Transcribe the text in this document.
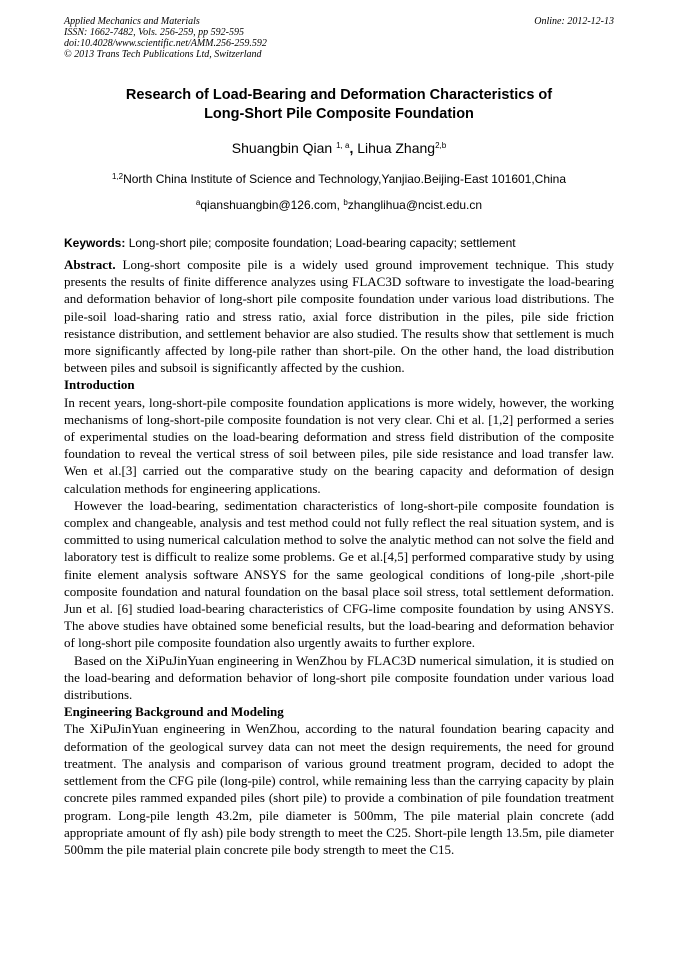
Applied Mechanics and Materials
ISSN: 1662-7482, Vols. 256-259, pp 592-595
doi:10.4028/www.scientific.net/AMM.256-259.592
© 2013 Trans Tech Publications Ltd, Switzerland
Online: 2012-12-13
Research of Load-Bearing and Deformation Characteristics of
Long-Short Pile Composite Foundation
Shuangbin Qian $^{1, a}$, Lihua Zhang$^{2,b}$
$^{1,2}$North China Institute of Science and Technology,Yanjiao.Beijing-East 101601,China
$^a$qianshuangbin@126.com, $^b$zhanglihua@ncist.edu.cn
Keywords: Long-short pile; composite foundation; Load-bearing capacity; settlement

Abstract. Long-short composite pile is a widely used ground improvement technique. This study presents the results of finite difference analyzes using FLAC3D software to investigate the load-bearing and deformation behavior of long-short pile composite foundation under various load distributions. The pile-soil load-sharing ratio and stress ratio, axial force distribution in the piles, pile side friction resistance distribution, and settlement behavior are also studied. The results show that settlement is much more significantly affected by long-pile rather than short-pile. On the other hand, the load distribution between piles and subsoil is significantly affected by the cushion.

Introduction

In recent years, long-short-pile composite foundation applications is more widely, however, the working mechanisms of long-short-pile composite foundation is not very clear. Chi et al. [1,2] performed a series of experimental studies on the load-bearing deformation and stress field distribution of the composite foundation to reveal the vertical stress of soil between piles, pile side resistance and load transfer law. Wen et al.[3] carried out the comparative study on the bearing capacity and deformation of design calculation methods for engineering applications.

However the load-bearing, sedimentation characteristics of long-short-pile composite foundation is complex and changeable, analysis and test method could not fully reflect the real situation system, and is committed to using numerical calculation method to solve the analytic method can not solve the field and laboratory test is difficult to realize some problems. Ge et al.[4,5] performed comparative study by using finite element analysis software ANSYS for the same geological conditions of long-pile ,short-pile composite foundation and natural foundation on the basal place soil stress, total settlement deformation. Jun et al. [6] studied load-bearing characteristics of CFG-lime composite foundation by using ANSYS. The above studies have obtained some beneficial results, but the load-bearing and deformation behavior of long-short pile composite foundation also urgently awaits to further explore.

Based on the XiPuJinYuan engineering in WenZhou by FLAC3D numerical simulation, it is studied on the load-bearing and deformation behavior of long-short pile composite foundation under various load distributions.

Engineering Background and Modeling

The XiPuJinYuan engineering in WenZhou, according to the natural foundation bearing capacity and deformation of the geological survey data can not meet the design requirements, the need for ground treatment. The analysis and comparison of various ground treatment program, decided to adopt the settlement from the CFG pile (long-pile) control, while remaining less than the carrying capacity by plain concrete piles rammed expanded piles (short pile) to provide a combination of pile foundation treatment program. Long-pile length 43.2m, pile diameter is 500mm, The pile material plain concrete (add appropriate amount of fly ash) pile body strength to meet the C25. Short-pile length 13.5m, pile diameter 500mm the pile material plain concrete pile body strength to meet the C15.
